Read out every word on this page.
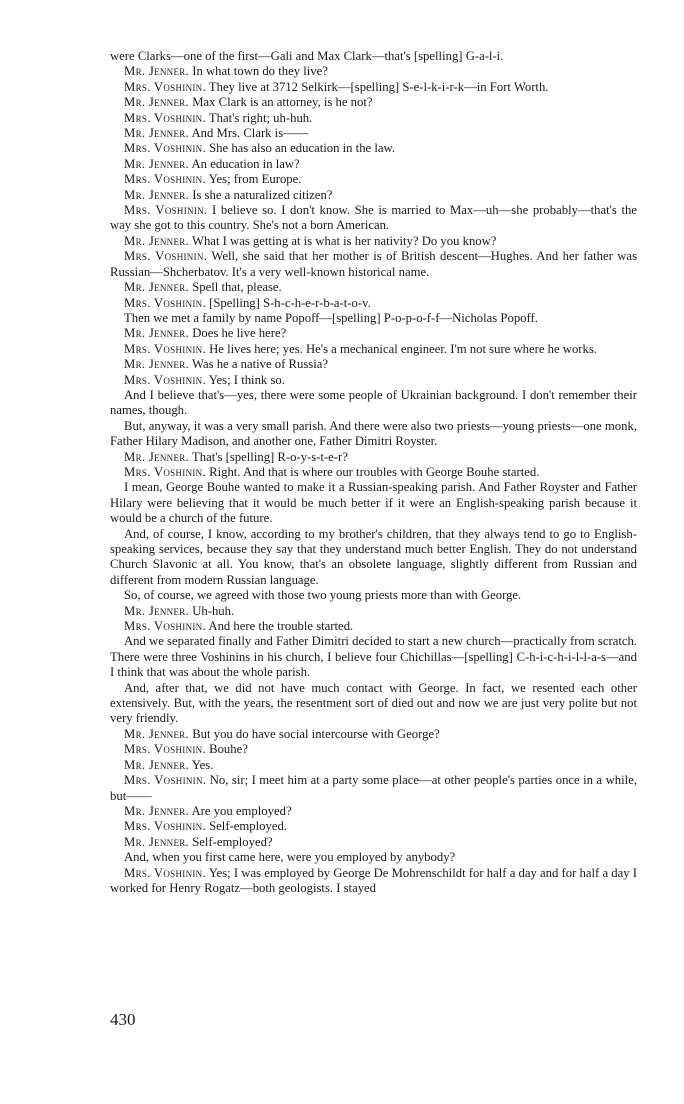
were Clarks—one of the first—Gali and Max Clark—that's [spelling] G-a-l-i.

Mr. Jenner. In what town do they live?

Mrs. Voshinin. They live at 3712 Selkirk—[spelling] S-e-l-k-i-r-k—in Fort Worth.

Mr. Jenner. Max Clark is an attorney, is he not?

Mrs. Voshinin. That's right; uh-huh.

Mr. Jenner. And Mrs. Clark is——

Mrs. Voshinin. She has also an education in the law.

Mr. Jenner. An education in law?

Mrs. Voshinin. Yes; from Europe.

Mr. Jenner. Is she a naturalized citizen?

Mrs. Voshinin. I believe so. I don't know. She is married to Max—uh—she probably—that's the way she got to this country. She's not a born American.

Mr. Jenner. What I was getting at is what is her nativity? Do you know?

Mrs. Voshinin. Well, she said that her mother is of British descent—Hughes. And her father was Russian—Shcherbatov. It's a very well-known historical name.

Mr. Jenner. Spell that, please.

Mrs. Voshinin. [Spelling] S-h-c-h-e-r-b-a-t-o-v.

Then we met a family by name Popoff—[spelling] P-o-p-o-f-f—Nicholas Popoff.

Mr. Jenner. Does he live here?

Mrs. Voshinin. He lives here; yes. He's a mechanical engineer. I'm not sure where he works.

Mr. Jenner. Was he a native of Russia?

Mrs. Voshinin. Yes; I think so.

And I believe that's—yes, there were some people of Ukrainian background. I don't remember their names, though.

But, anyway, it was a very small parish. And there were also two priests—young priests—one monk, Father Hilary Madison, and another one, Father Dimitri Royster.

Mr. Jenner. That's [spelling] R-o-y-s-t-e-r?

Mrs. Voshinin. Right. And that is where our troubles with George Bouhe started.

I mean, George Bouhe wanted to make it a Russian-speaking parish. And Father Royster and Father Hilary were believing that it would be much better if it were an English-speaking parish because it would be a church of the future.

And, of course, I know, according to my brother's children, that they always tend to go to English-speaking services, because they say that they understand much better English. They do not understand Church Slavonic at all. You know, that's an obsolete language, slightly different from Russian and different from modern Russian language.

So, of course, we agreed with those two young priests more than with George.

Mr. Jenner. Uh-huh.

Mrs. Voshinin. And here the trouble started.

And we separated finally and Father Dimitri decided to start a new church—practically from scratch. There were three Voshinins in his church, I believe four Chichillas—[spelling] C-h-i-c-h-i-l-l-a-s—and I think that was about the whole parish.

And, after that, we did not have much contact with George. In fact, we resented each other extensively. But, with the years, the resentment sort of died out and now we are just very polite but not very friendly.

Mr. Jenner. But you do have social intercourse with George?

Mrs. Voshinin. Bouhe?

Mr. Jenner. Yes.

Mrs. Voshinin. No, sir; I meet him at a party some place—at other people's parties once in a while, but——

Mr. Jenner. Are you employed?

Mrs. Voshinin. Self-employed.

Mr. Jenner. Self-employed?

And, when you first came here, were you employed by anybody?

Mrs. Voshinin. Yes; I was employed by George De Mohrenschildt for half a day and for half a day I worked for Henry Rogatz—both geologists. I stayed

430
